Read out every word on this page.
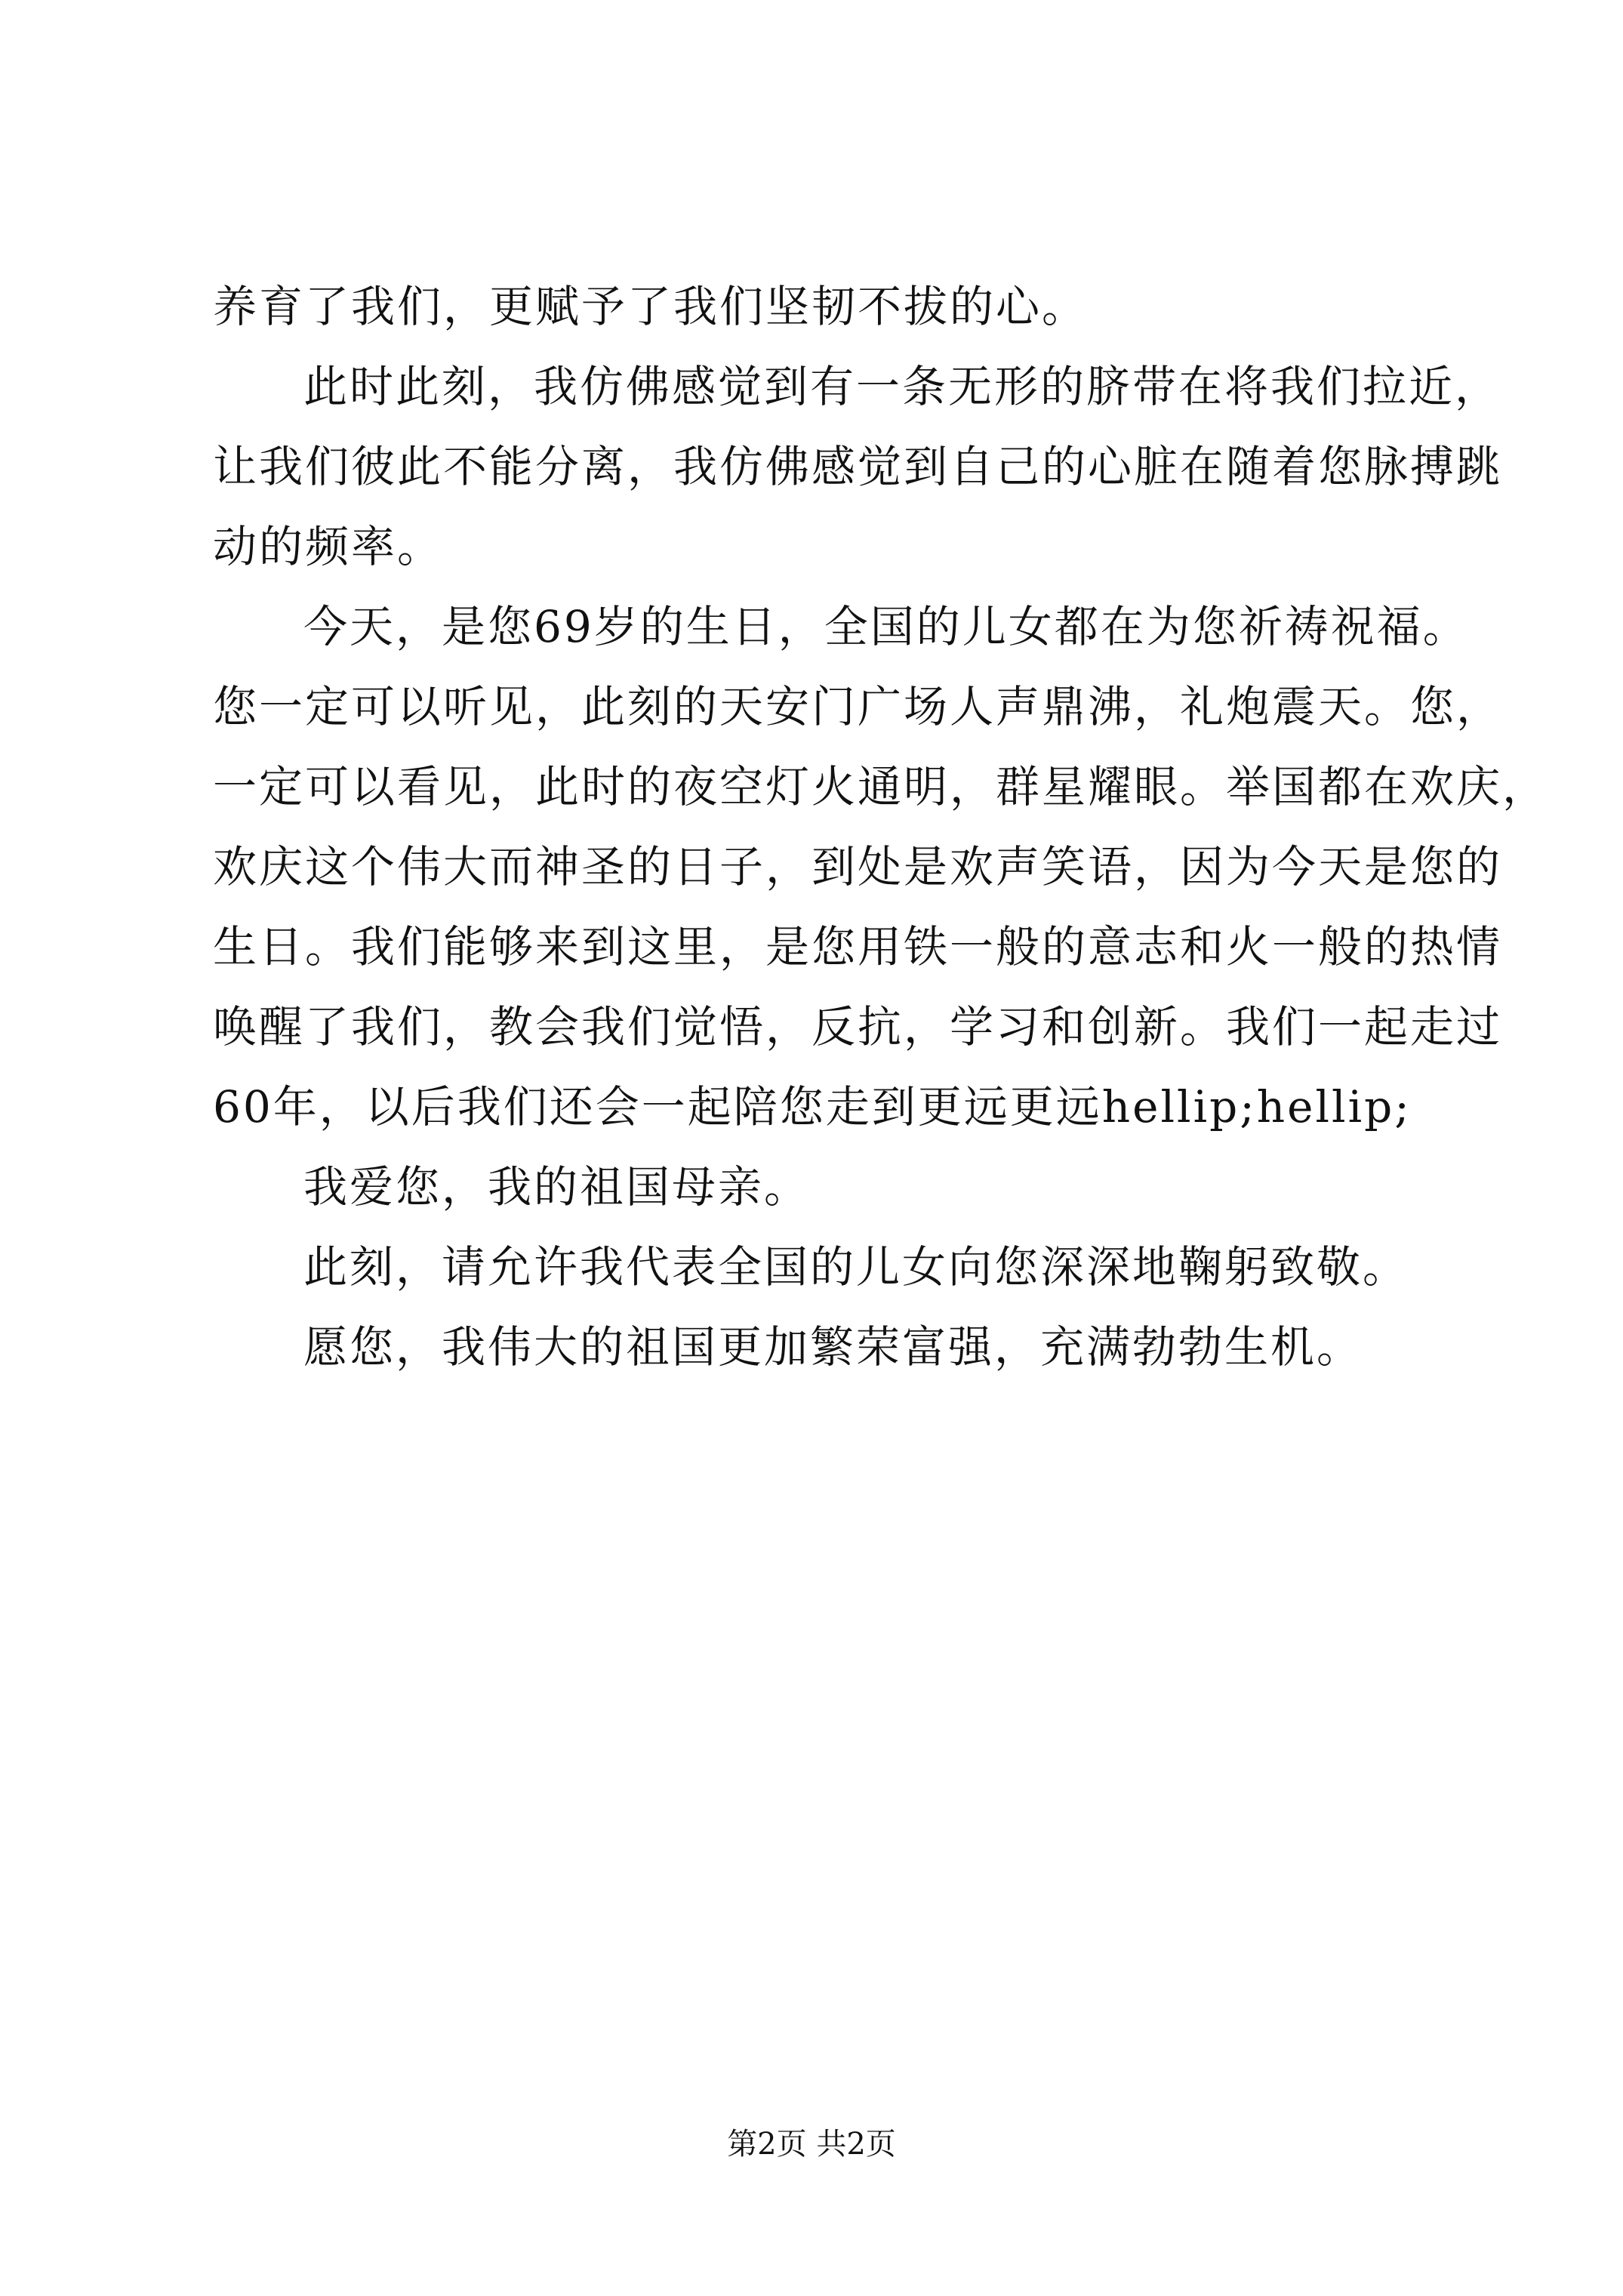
养育了我们，更赋予了我们坚韧不拔的心。
此时此刻，我仿佛感觉到有一条无形的脐带在将我们拉近，
让我们彼此不能分离，我仿佛感觉到自己的心脏在随着您脉搏跳
动的频率。
今天，是您69岁的生日，全国的儿女都在为您祈祷祝福。
您一定可以听见，此刻的天安门广场人声鼎沸，礼炮震天。您，
一定可以看见，此时的夜空灯火通明，群星耀眼。举国都在欢庆，
欢庆这个伟大而神圣的日子，到处是欢声笑语，因为今天是您的
生日。我们能够来到这里，是您用铁一般的意志和火一般的热情
唤醒了我们，教会我们觉悟，反抗，学习和创新。我们一起走过
60年，以后我们还会一起陪您走到更远更远hellip;hellip;
我爱您，我的祖国母亲。
此刻，请允许我代表全国的儿女向您深深地鞠躬致敬。
愿您，我伟大的祖国更加繁荣富强，充满勃勃生机。
第2页 共2页
